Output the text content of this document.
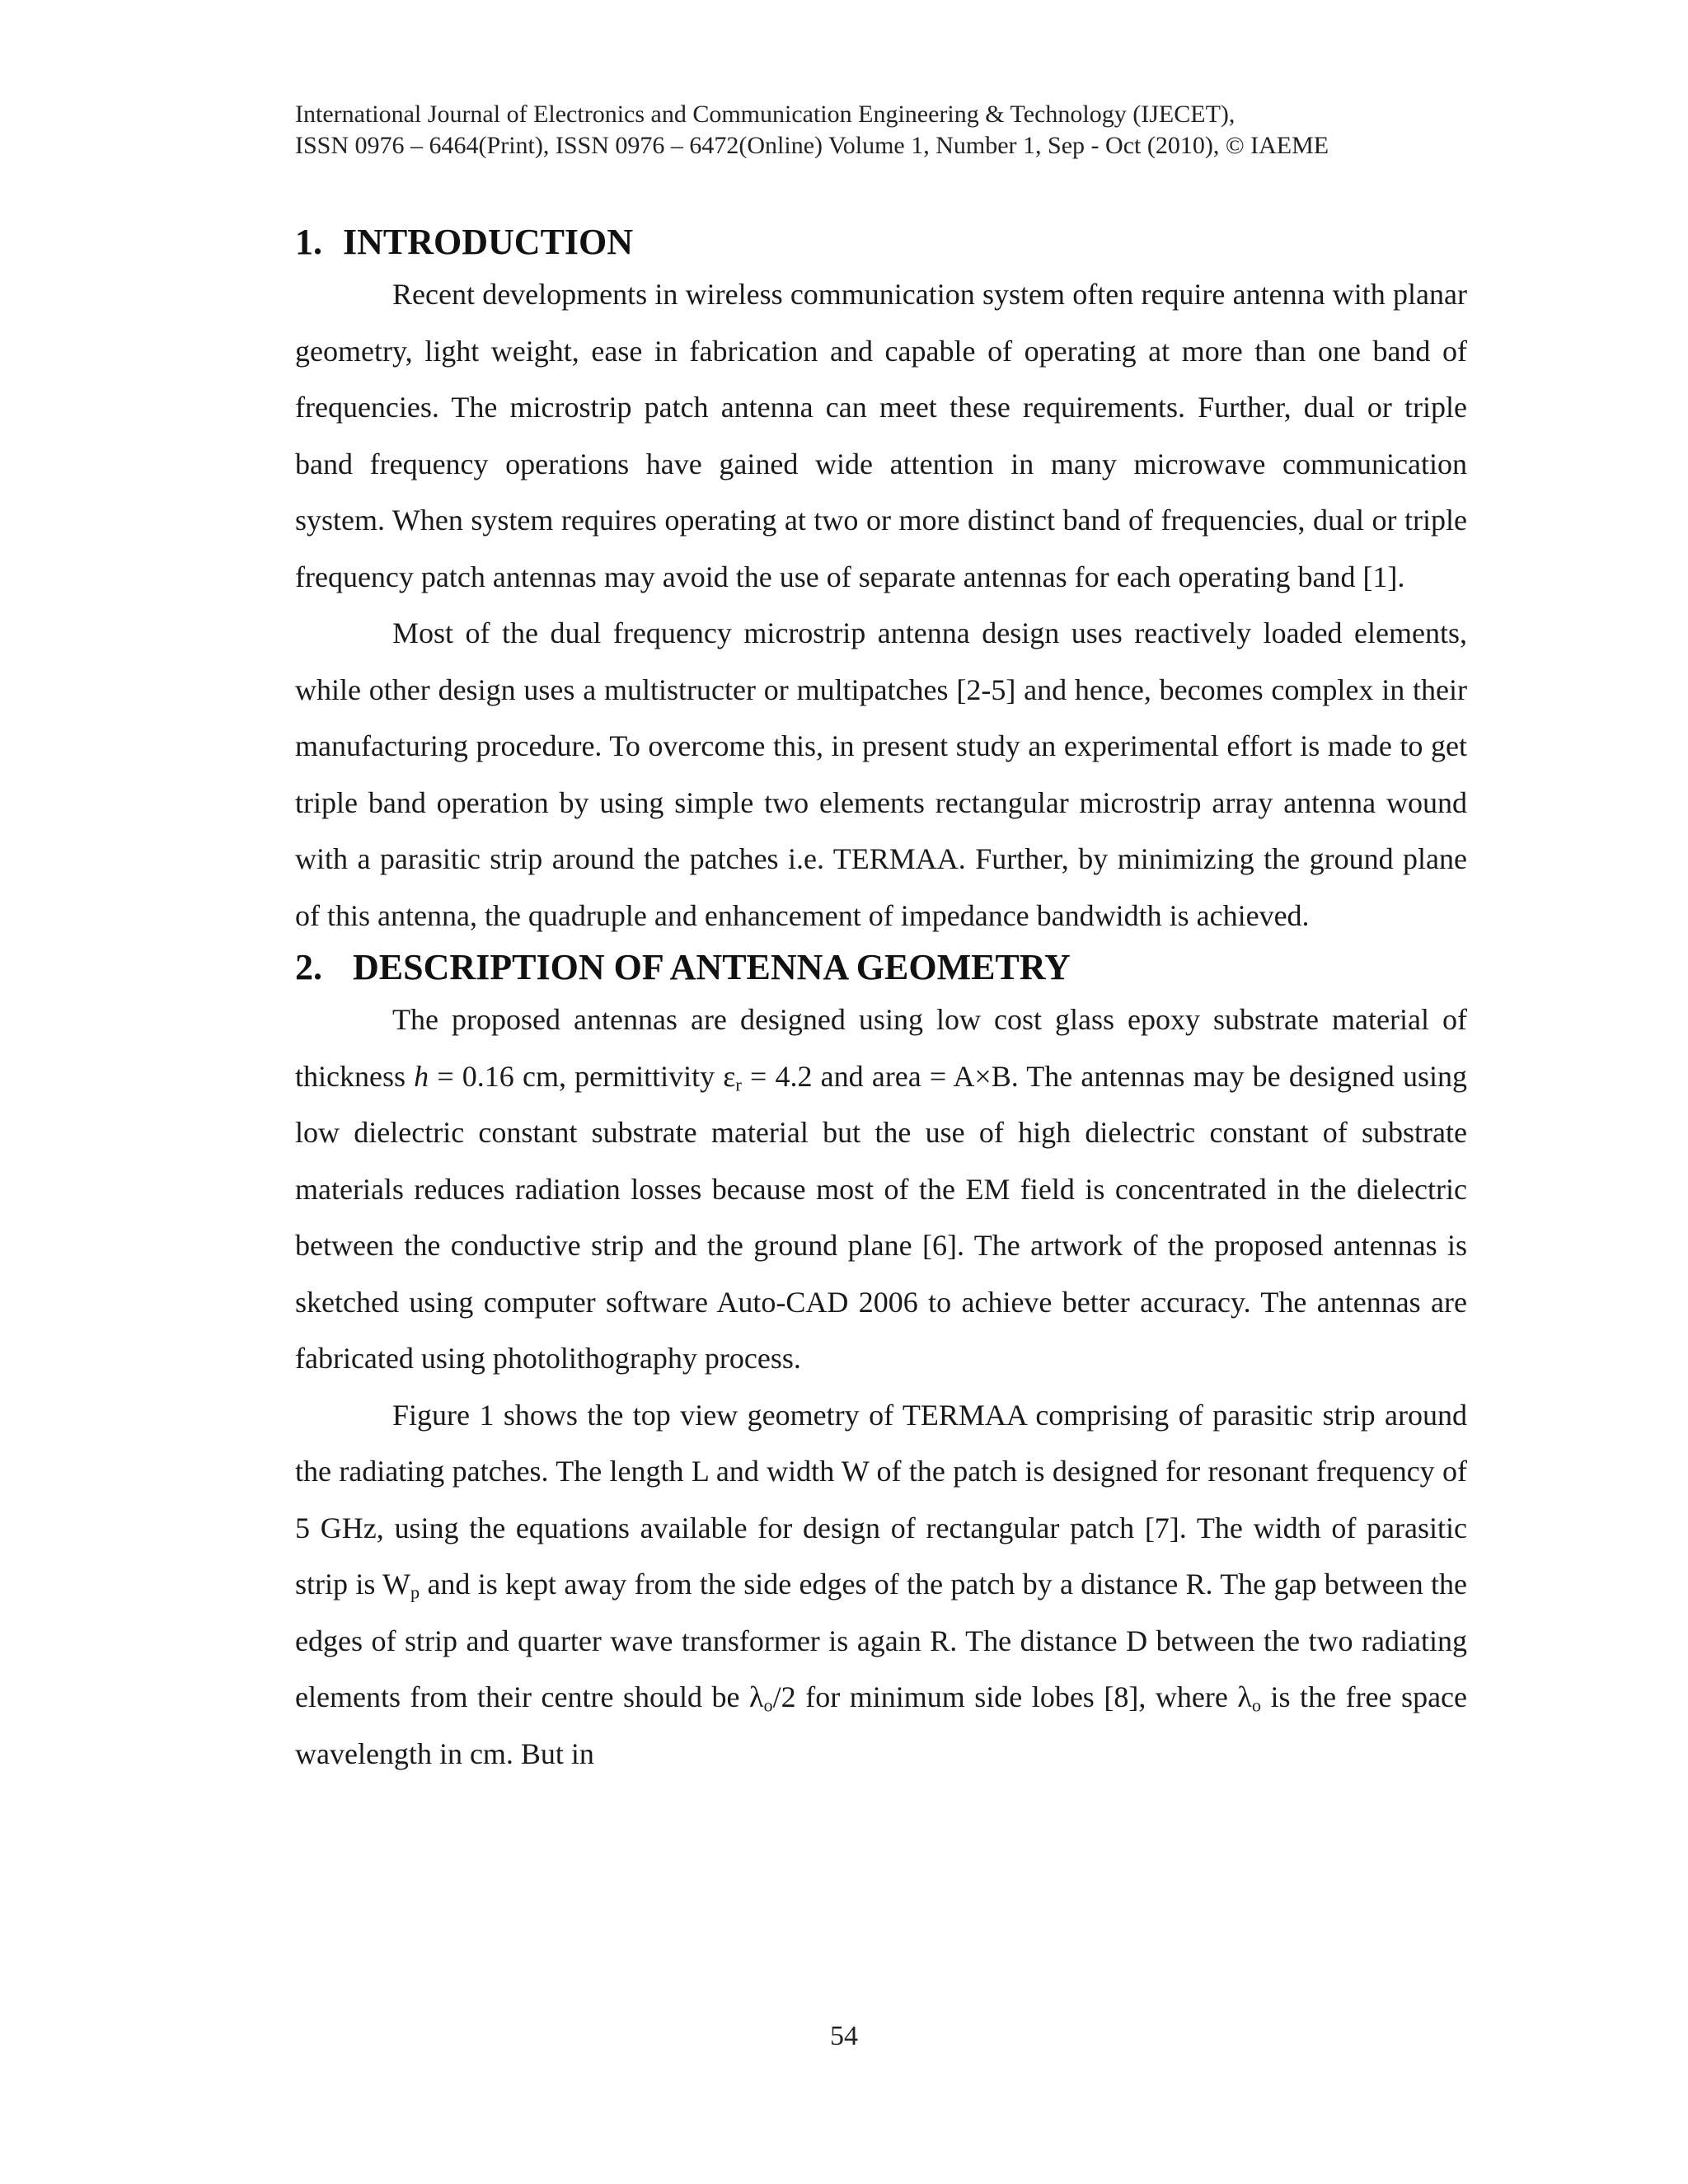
International Journal of Electronics and Communication Engineering & Technology (IJECET),
ISSN 0976 – 6464(Print), ISSN 0976 – 6472(Online) Volume 1, Number 1, Sep - Oct (2010), © IAEME
1. INTRODUCTION

Recent developments in wireless communication system often require antenna with planar geometry, light weight, ease in fabrication and capable of operating at more than one band of frequencies. The microstrip patch antenna can meet these requirements. Further, dual or triple band frequency operations have gained wide attention in many microwave communication system. When system requires operating at two or more distinct band of frequencies, dual or triple frequency patch antennas may avoid the use of separate antennas for each operating band [1].

Most of the dual frequency microstrip antenna design uses reactively loaded elements, while other design uses a multistructer or multipatches [2-5] and hence, becomes complex in their manufacturing procedure. To overcome this, in present study an experimental effort is made to get triple band operation by using simple two elements rectangular microstrip array antenna wound with a parasitic strip around the patches i.e. TERMAA. Further, by minimizing the ground plane of this antenna, the quadruple and enhancement of impedance bandwidth is achieved.

2. DESCRIPTION OF ANTENNA GEOMETRY

The proposed antennas are designed using low cost glass epoxy substrate material of thickness h = 0.16 cm, permittivity $\varepsilon_r = 4.2$ and area = A×B. The antennas may be designed using low dielectric constant substrate material but the use of high dielectric constant of substrate materials reduces radiation losses because most of the EM field is concentrated in the dielectric between the conductive strip and the ground plane [6]. The artwork of the proposed antennas is sketched using computer software Auto-CAD 2006 to achieve better accuracy. The antennas are fabricated using photolithography process.

Figure 1 shows the top view geometry of TERMAA comprising of parasitic strip around the radiating patches. The length L and width W of the patch is designed for resonant frequency of 5 GHz, using the equations available for design of rectangular patch [7]. The width of parasitic strip is $W_p$ and is kept away from the side edges of the patch by a distance R. The gap between the edges of strip and quarter wave transformer is again R. The distance D between the two radiating elements from their centre should be $\lambda_o/2$ for minimum side lobes [8], where $\lambda_o$ is the free space wavelength in cm. But in

54
